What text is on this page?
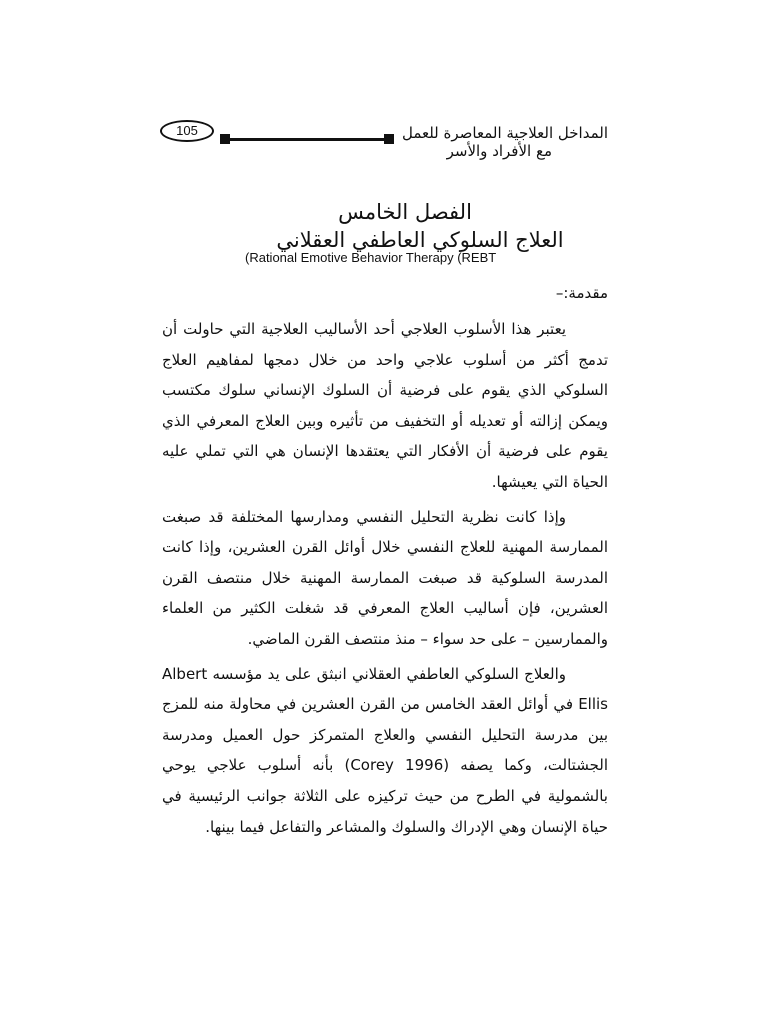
105	المداخل العلاجية المعاصرة للعمل
مع الأفراد والأسر
الفصل الخامس
العلاج السلوكي العاطفي العقلاني
(Rational Emotive Behavior Therapy (REBT
مقدمة:–

يعتبر هذا الأسلوب العلاجي أحد الأساليب العلاجية التي حاولت أن تدمج أكثر من أسلوب علاجي واحد من خلال دمجها لمفاهيم العلاج السلوكي الذي يقوم على فرضية أن السلوك الإنساني سلوك مكتسب ويمكن إزالته أو تعديله أو التخفيف من تأثيره وبين العلاج المعرفي الذي يقوم على فرضية أن الأفكار التي يعتقدها الإنسان هي التي تملي عليه الحياة التي يعيشها.

وإذا كانت نظرية التحليل النفسي ومدارسها المختلفة قد صبغت الممارسة المهنية للعلاج النفسي خلال أوائل القرن العشرين، وإذا كانت المدرسة السلوكية قد صبغت الممارسة المهنية خلال منتصف القرن العشرين، فإن أساليب العلاج المعرفي قد شغلت الكثير من العلماء والممارسين – على حد سواء – منذ منتصف القرن الماضي.

والعلاج السلوكي العاطفي العقلاني انبثق على يد مؤسسه Albert Ellis في أوائل العقد الخامس من القرن العشرين في محاولة منه للمزج بين مدرسة التحليل النفسي والعلاج المتمركز حول العميل ومدرسة الجشتالت، وكما يصفه (Corey 1996) بأنه أسلوب علاجي يوحي بالشمولية في الطرح من حيث تركيزه على الثلاثة جوانب الرئيسية في حياة الإنسان وهي الإدراك والسلوك والمشاعر والتفاعل فيما بينها.
